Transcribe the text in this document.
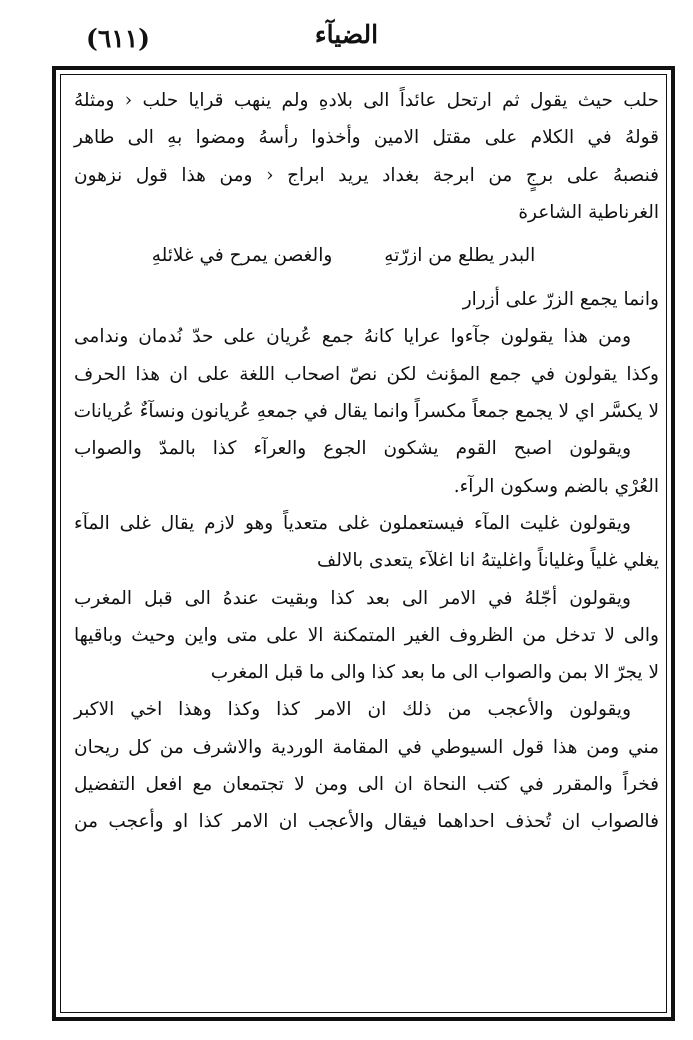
(٦١١)	الضيآء
حلب حيث يقول ثم ارتحل عائداً الى بلادهِ ولم ينهب قرايا حلب ‹ ومثلهُ
قولهُ في الكلام على مقتل الامين وأخذوا رأسهُ ومضوا بهِ الى طاهر
فنصبهُ على برجٍ من ابرجة بغداد يريد ابراج ‹ ومن هذا قول نزهون
الغرناطية الشاعرة
البدر يطلع من ازرّتهِ
والغصن يمرح في غلائلهِ
وانما يجمع الزرّ على أزرار
ومن هذا يقولون جآءوا عرايا كانهُ جمع عُريان على حدّ نُدمان وندامى
وكذا يقولون في جمع المؤنث لكن نصّ اصحاب اللغة على ان هذا الحرف
لا يكسَّر اي لا يجمع جمعاً مكسراً وانما يقال في جمعهِ عُريانون ونسآءٌ عُريانات
ويقولون اصبح القوم يشكون الجوع والعرآء كذا بالمدّ والصواب
العُرْي بالضم وسكون الرآء.
ويقولون غليت المآء فيستعملون غلى متعدياً وهو لازم يقال غلى المآء
يغلي غلياً وغلياناً واغليتهُ انا اغلآء يتعدى بالالف
ويقولون أجّلهُ في الامر الى بعد كذا وبقيت عندهُ الى قبل المغرب
والى لا تدخل من الظروف الغير المتمكنة الا على متى واين وحيث وباقيها
لا يجرّ الا بمن والصواب الى ما بعد كذا والى ما قبل المغرب
ويقولون والأعجب من ذلك ان الامر كذا وكذا وهذا اخي الاكبر
مني ومن هذا قول السيوطي في المقامة الوردية والاشرف من كل ريحان
فخراً والمقرر في كتب النحاة ان الى ومن لا تجتمعان مع افعل التفضيل
فالصواب ان تُحذف احداهما فيقال والأعجب ان الامر كذا او وأعجب من
